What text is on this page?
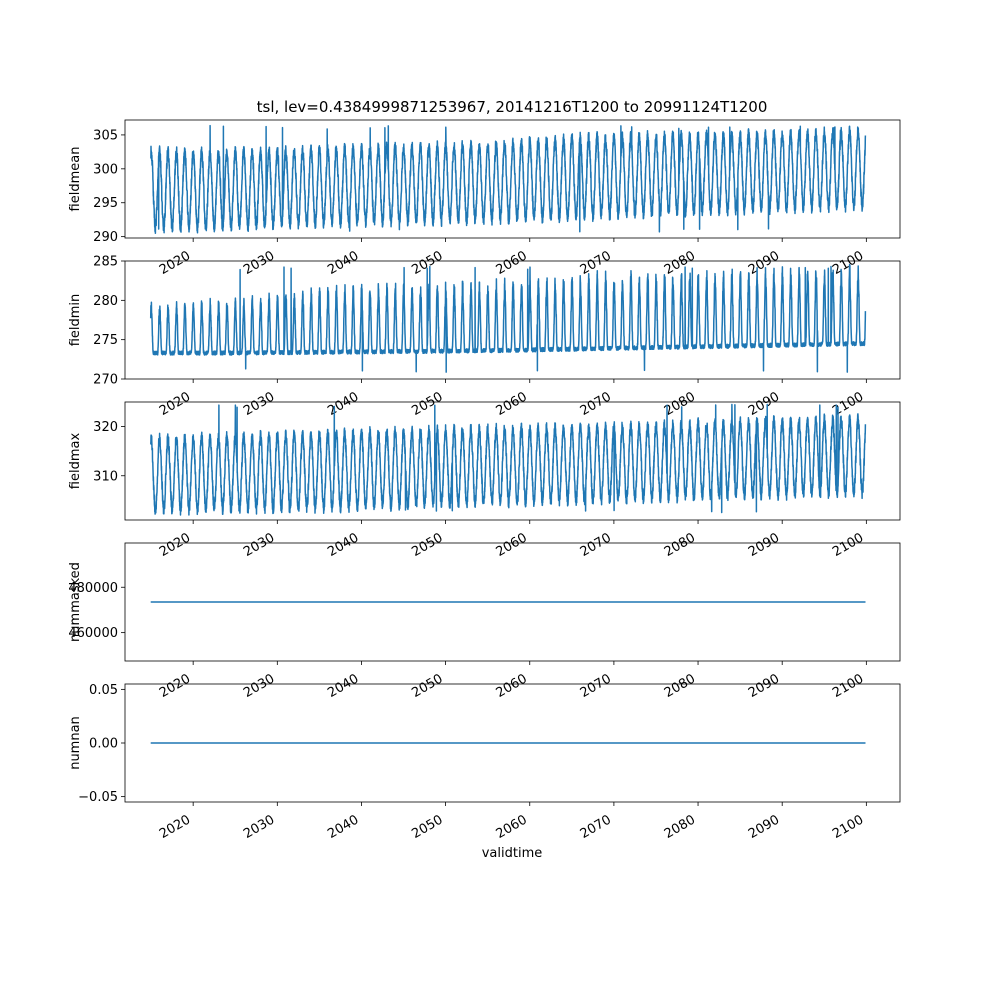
tsl, lev=0.4384999871253967, 20141216T1200 to 20991124T1200
290
295
300
305
2020	2030	2040	2050	2060	2070	2080	2090	2100
fieldmean
270
275
280
285
2020	2030	2040	2050	2060	2070	2080	2090	2100
fieldmin
310
320
2020	2030	2040	2050	2060	2070	2080	2090	2100
fieldmax
460000
480000
2020	2030	2040	2050	2060	2070	2080	2090	2100
nummasked
−0.05
0.00
0.05
2020	2030	2040	2050	2060	2070	2080	2090	2100
numnan
validtime
